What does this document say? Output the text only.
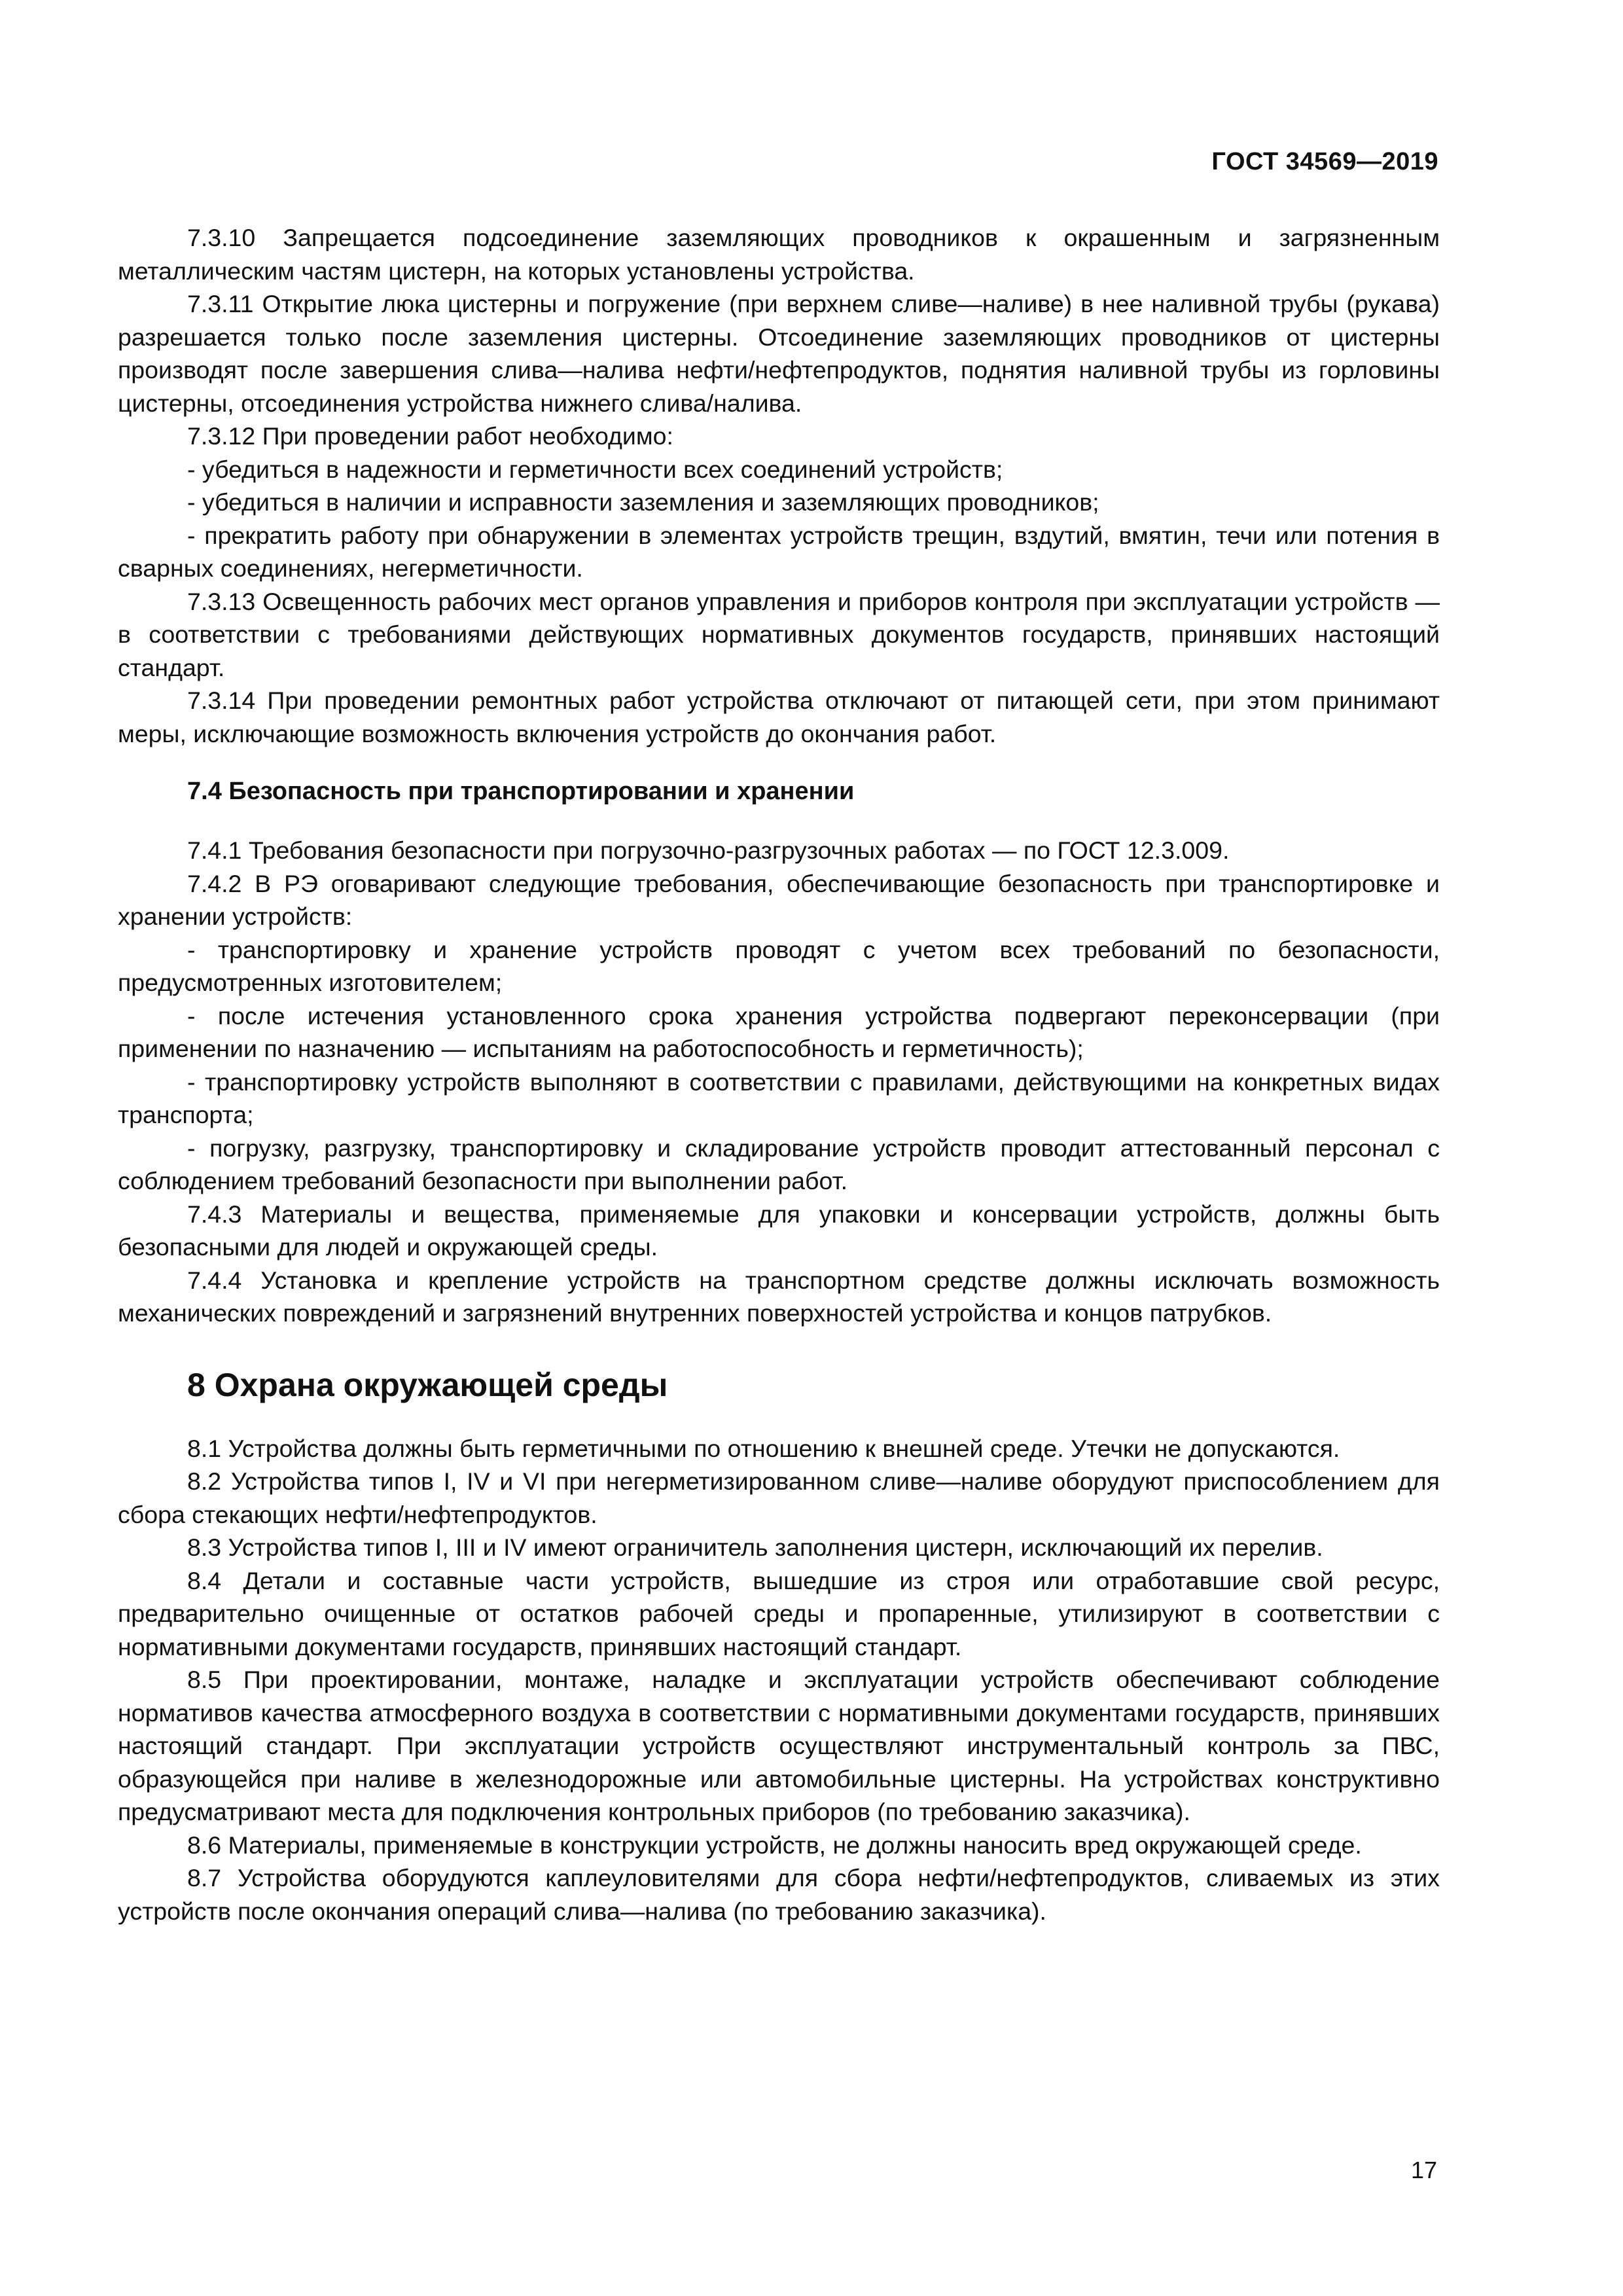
ГОСТ 34569—2019

7.3.10 Запрещается подсоединение заземляющих проводников к окрашенным и загрязненным металлическим частям цистерн, на которых установлены устройства.

7.3.11 Открытие люка цистерны и погружение (при верхнем сливе—наливе) в нее наливной трубы (рукава) разрешается только после заземления цистерны. Отсоединение заземляющих проводников от цистерны производят после завершения слива—налива нефти/нефтепродуктов, поднятия наливной трубы из горловины цистерны, отсоединения устройства нижнего слива/налива.

7.3.12 При проведении работ необходимо:

- убедиться в надежности и герметичности всех соединений устройств;

- убедиться в наличии и исправности заземления и заземляющих проводников;

- прекратить работу при обнаружении в элементах устройств трещин, вздутий, вмятин, течи или потения в сварных соединениях, негерметичности.

7.3.13 Освещенность рабочих мест органов управления и приборов контроля при эксплуатации устройств — в соответствии с требованиями действующих нормативных документов государств, принявших настоящий стандарт.

7.3.14 При проведении ремонтных работ устройства отключают от питающей сети, при этом принимают меры, исключающие возможность включения устройств до окончания работ.

7.4 Безопасность при транспортировании и хранении

7.4.1 Требования безопасности при погрузочно-разгрузочных работах — по ГОСТ 12.3.009.

7.4.2 В РЭ оговаривают следующие требования, обеспечивающие безопасность при транспортировке и хранении устройств:

- транспортировку и хранение устройств проводят с учетом всех требований по безопасности, предусмотренных изготовителем;

- после истечения установленного срока хранения устройства подвергают переконсервации (при применении по назначению — испытаниям на работоспособность и герметичность);

- транспортировку устройств выполняют в соответствии с правилами, действующими на конкретных видах транспорта;

- погрузку, разгрузку, транспортировку и складирование устройств проводит аттестованный персонал с соблюдением требований безопасности при выполнении работ.

7.4.3 Материалы и вещества, применяемые для упаковки и консервации устройств, должны быть безопасными для людей и окружающей среды.

7.4.4 Установка и крепление устройств на транспортном средстве должны исключать возможность механических повреждений и загрязнений внутренних поверхностей устройства и концов патрубков.

8 Охрана окружающей среды

8.1 Устройства должны быть герметичными по отношению к внешней среде. Утечки не допускаются.

8.2 Устройства типов I, IV и VI при негерметизированном сливе—наливе оборудуют приспособлением для сбора стекающих нефти/нефтепродуктов.

8.3 Устройства типов I, III и IV имеют ограничитель заполнения цистерн, исключающий их перелив.

8.4 Детали и составные части устройств, вышедшие из строя или отработавшие свой ресурс, предварительно очищенные от остатков рабочей среды и пропаренные, утилизируют в соответствии с нормативными документами государств, принявших настоящий стандарт.

8.5 При проектировании, монтаже, наладке и эксплуатации устройств обеспечивают соблюдение нормативов качества атмосферного воздуха в соответствии с нормативными документами государств, принявших настоящий стандарт. При эксплуатации устройств осуществляют инструментальный контроль за ПВС, образующейся при наливе в железнодорожные или автомобильные цистерны. На устройствах конструктивно предусматривают места для подключения контрольных приборов (по требованию заказчика).

8.6 Материалы, применяемые в конструкции устройств, не должны наносить вред окружающей среде.

8.7 Устройства оборудуются каплеуловителями для сбора нефти/нефтепродуктов, сливаемых из этих устройств после окончания операций слива—налива (по требованию заказчика).

17
